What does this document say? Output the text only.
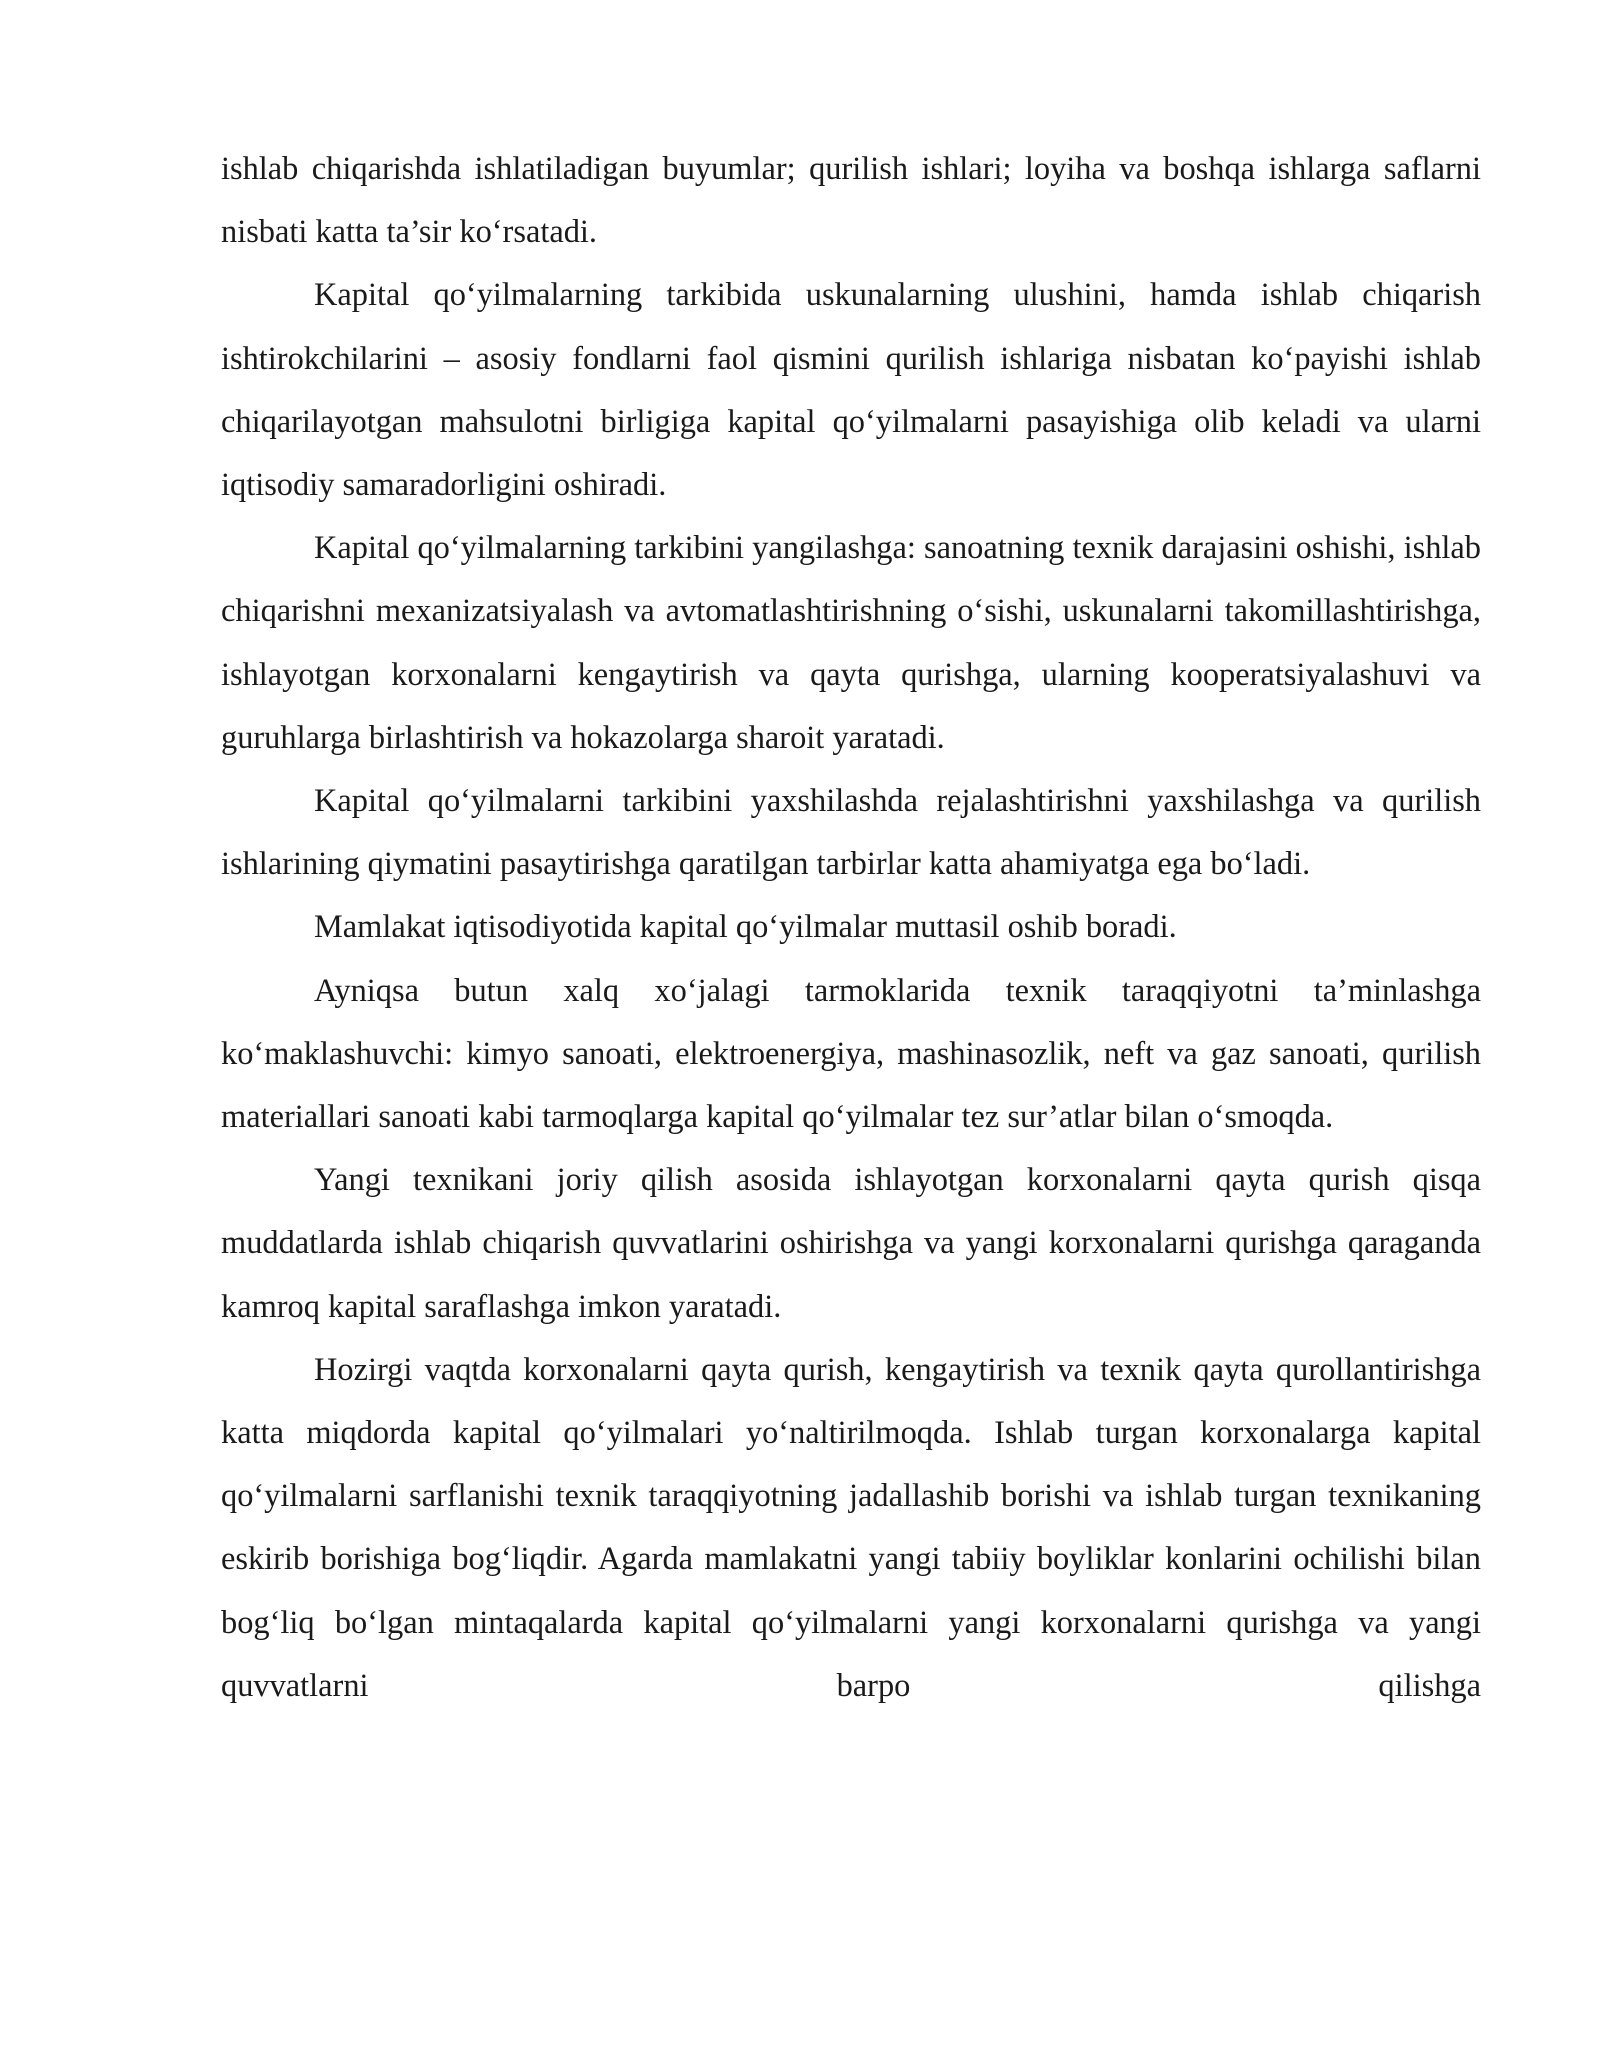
ishlab chiqarishda ishlatiladigan buyumlar; qurilish ishlari; loyiha va boshqa ishlarga saflarni nisbati katta ta’sir ko‘rsatadi.

Kapital qo‘yilmalarning tarkibida uskunalarning ulushini, hamda ishlab chiqarish ishtirokchilarini – asosiy fondlarni faol qismini qurilish ishlariga nisbatan ko‘payishi ishlab chiqarilayotgan mahsulotni birligiga kapital qo‘yilmalarni pasayishiga olib keladi va ularni iqtisodiy samaradorligini oshiradi.

Kapital qo‘yilmalarning tarkibini yangilashga: sanoatning texnik darajasini oshishi, ishlab chiqarishni mexanizatsiyalash va avtomatlashtirishning o‘sishi, uskunalarni takomillashtirishga, ishlayotgan korxonalarni kengaytirish va qayta qurishga, ularning kooperatsiyalashuvi va guruhlarga birlashtirish va hokazolarga sharoit yaratadi.

Kapital qo‘yilmalarni tarkibini yaxshilashda rejalashtirishni yaxshilashga va qurilish ishlarining qiymatini pasaytirishga qaratilgan tarbirlar katta ahamiyatga ega bo‘ladi.

Mamlakat iqtisodiyotida kapital qo‘yilmalar muttasil oshib boradi.

Ayniqsa butun xalq xo‘jalagi tarmoklarida texnik taraqqiyotni ta’minlashga ko‘maklashuvchi: kimyo sanoati, elektroenergiya, mashinasozlik, neft va gaz sanoati, qurilish materiallari sanoati kabi tarmoqlarga kapital qo‘yilmalar tez sur’atlar bilan o‘smoqda.

Yangi texnikani joriy qilish asosida ishlayotgan korxonalarni qayta qurish qisqa muddatlarda ishlab chiqarish quvvatlarini oshirishga va yangi korxonalarni qurishga qaraganda kamroq kapital saraflashga imkon yaratadi.

Hozirgi vaqtda korxonalarni qayta qurish, kengaytirish va texnik qayta qurollantirishga katta miqdorda kapital qo‘yilmalari yo‘naltirilmoqda. Ishlab turgan korxonalarga kapital qo‘yilmalarni sarflanishi texnik taraqqiyotning jadallashib borishi va ishlab turgan texnikaning eskirib borishiga bog‘liqdir. Agarda mamlakatni yangi tabiiy boyliklar konlarini ochilishi bilan bog‘liq bo‘lgan mintaqalarda kapital qo‘yilmalarni yangi korxonalarni qurishga va yangi quvvatlarni barpo qilishga
